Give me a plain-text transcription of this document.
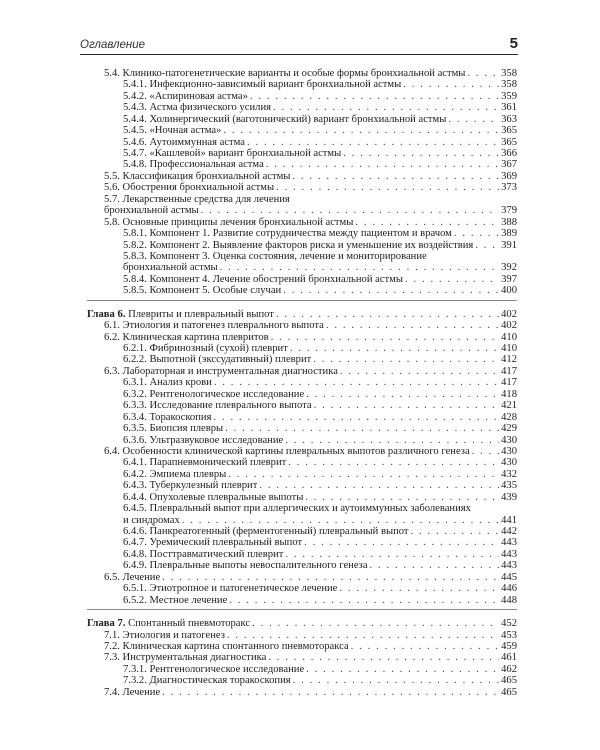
Оглавление	5
5.4. Клинико-патогенетические варианты и особые формы бронхиальной астмы . . .	358
5.4.1. Инфекционно-зависимый вариант бронхиальной астмы . . .	358
5.4.2. «Аспириновая астма» . . .	359
5.4.3. Астма физического усилия . . .	361
5.4.4. Холинергический (ваготонический) вариант бронхиальной астмы . . .	363
5.4.5. «Ночная астма» . . .	365
5.4.6. Аутоиммунная астма . . .	365
5.4.7. «Кашлевой» вариант бронхиальной астмы . . .	366
5.4.8. Профессиональная астма . . .	367
5.5. Классификация бронхиальной астмы . . .	369
5.6. Обострения бронхиальной астмы . . .	373
5.7. Лекарственные средства для лечения
бронхиальной астмы . . .	379
5.8. Основные принципы лечения бронхиальной астмы . . .	388
5.8.1. Компонент 1. Развитие сотрудничества между пациентом и врачом . . .	389
5.8.2. Компонент 2. Выявление факторов риска и уменьшение их воздействия . . .	391
5.8.3. Компонент 3. Оценка состояния, лечение и мониторирование
бронхиальной астмы . . .	392
5.8.4. Компонент 4. Лечение обострений бронхиальной астмы . . .	397
5.8.5. Компонент 5. Особые случаи . . .	400
Глава 6. Плевриты и плевральный выпот . . .	402
6.1. Этиология и патогенез плеврального выпота . . .	402
6.2. Клиническая картина плевритов . . .	410
6.2.1. Фибринозный (сухой) плеврит . . .	410
6.2.2. Выпотной (экссудативный) плеврит . . .	412
6.3. Лабораторная и инструментальная диагностика . . .	417
6.3.1. Анализ крови . . .	417
6.3.2. Рентгенологическое исследование . . .	418
6.3.3. Исследование плеврального выпота . . .	421
6.3.4. Торакоскопия . . .	428
6.3.5. Биопсия плевры . . .	429
6.3.6. Ультразвуковое исследование . . .	430
6.4. Особенности клинической картины плевральных выпотов различного генеза . . .	430
6.4.1. Парапневмонический плеврит . . .	430
6.4.2. Эмпиема плевры . . .	432
6.4.3. Туберкулезный плеврит . . .	435
6.4.4. Опухолевые плевральные выпоты . . .	439
6.4.5. Плевральный выпот при аллергических и аутоиммунных заболеваниях
и синдромах . . .	441
6.4.6. Панкреатогенный (ферментогенный) плевральный выпот . . .	442
6.4.7. Уремический плевральный выпот . . .	443
6.4.8. Посттравматический плеврит . . .	443
6.4.9. Плевральные выпоты невоспалительного генеза . . .	443
6.5. Лечение . . .	445
6.5.1. Этиотропное и патогенетическое лечение . . .	446
6.5.2. Местное лечение . . .	448
Глава 7. Спонтанный пневмоторакс . . .	452
7.1. Этиология и патогенез . . .	453
7.2. Клиническая картина спонтанного пневмоторакса . . .	459
7.3. Инструментальная диагностика . . .	461
7.3.1. Рентгенологическое исследование . . .	462
7.3.2. Диагностическая торакоскопия . . .	465
7.4. Лечение . . .	465
